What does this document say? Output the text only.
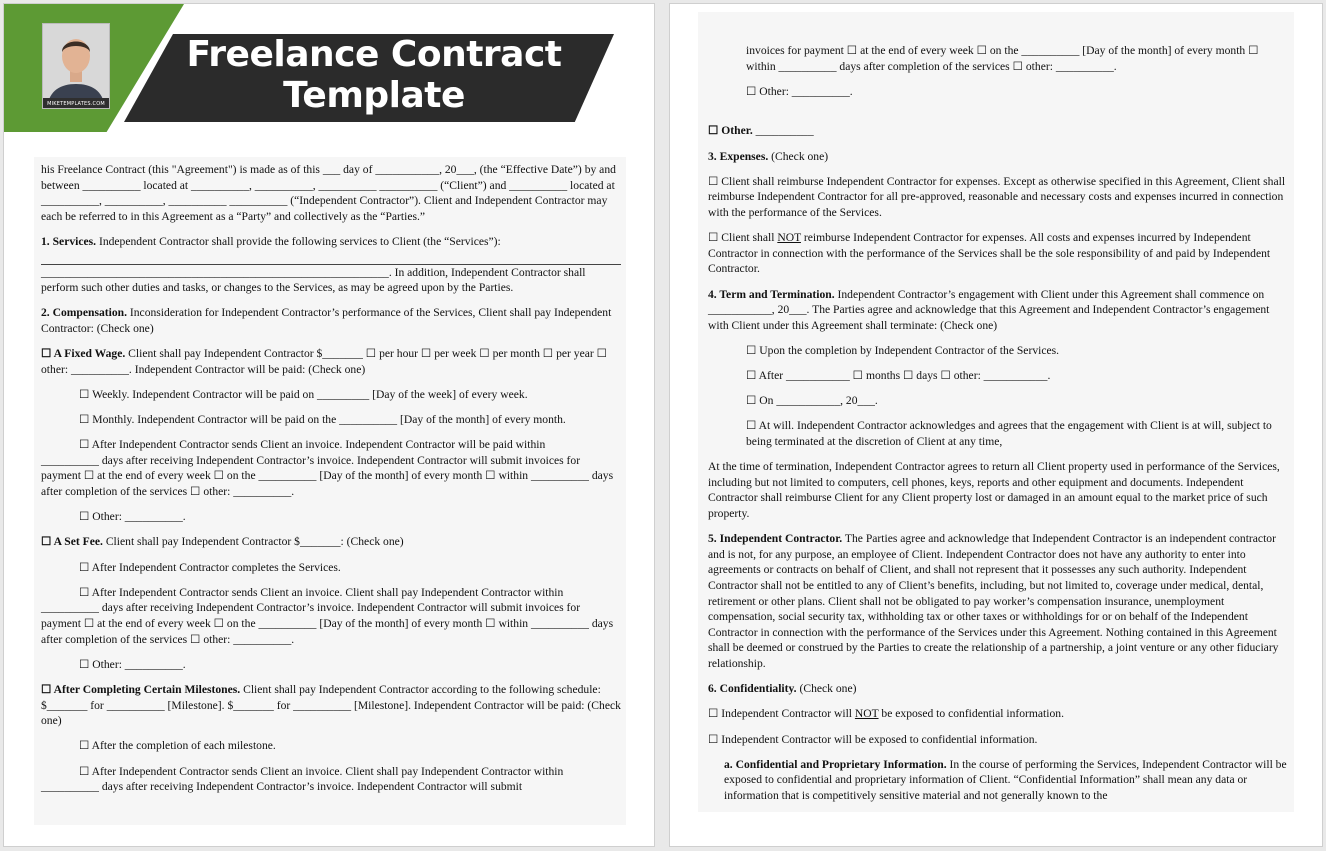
Freelance Contract
Template
MIKETEMPLATES.COM

his Freelance Contract (this "Agreement") is made as of this ___ day of ___________, 20___, (the “Effective Date”) by and between __________ located at __________, __________, __________ __________ (“Client”) and __________ located at __________, __________, __________ __________ (“Independent Contractor”). Client and Independent Contractor may each be referred to in this Agreement as a “Party” and collectively as the “Parties.”

1. Services. Independent Contractor shall provide the following services to Client (the “Services”):

____________________________________________________________. In addition, Independent Contractor shall perform such other duties and tasks, or changes to the Services, as may be agreed upon by the Parties.

2. Compensation. Inconsideration for Independent Contractor’s performance of the Services, Client shall pay Independent Contractor: (Check one)

☐ A Fixed Wage. Client shall pay Independent Contractor $_______ ☐ per hour ☐ per week ☐ per month ☐ per year ☐ other: __________. Independent Contractor will be paid: (Check one)

☐ Weekly. Independent Contractor will be paid on _________ [Day of the week] of every week.

☐ Monthly. Independent Contractor will be paid on the __________ [Day of the month] of every month.

☐ After Independent Contractor sends Client an invoice. Independent Contractor will be paid within

__________ days after receiving Independent Contractor’s invoice. Independent Contractor will submit invoices for payment ☐ at the end of every week ☐ on the __________ [Day of the month] of every month ☐ within __________ days after completion of the services ☐ other: __________.

☐ Other: __________.

☐ A Set Fee. Client shall pay Independent Contractor $_______: (Check one)

☐ After Independent Contractor completes the Services.

☐ After Independent Contractor sends Client an invoice. Client shall pay Independent Contractor within

__________ days after receiving Independent Contractor’s invoice. Independent Contractor will submit invoices for payment ☐ at the end of every week ☐ on the __________ [Day of the month] of every month ☐ within __________ days after completion of the services ☐ other: __________.

☐ Other: __________.

☐ After Completing Certain Milestones. Client shall pay Independent Contractor according to the following schedule: $_______ for __________ [Milestone]. $_______ for __________ [Milestone]. Independent Contractor will be paid: (Check one)

☐ After the completion of each milestone.

☐ After Independent Contractor sends Client an invoice. Client shall pay Independent Contractor within

__________ days after receiving Independent Contractor’s invoice. Independent Contractor will submit

invoices for payment ☐ at the end of every week ☐ on the __________ [Day of the month] of every month ☐ within __________ days after completion of the services ☐ other: __________.

☐ Other: __________.

☐ Other. __________

3. Expenses. (Check one)

☐ Client shall reimburse Independent Contractor for expenses. Except as otherwise specified in this Agreement, Client shall reimburse Independent Contractor for all pre-approved, reasonable and necessary costs and expenses incurred in connection with the performance of the Services.

☐ Client shall NOT reimburse Independent Contractor for expenses. All costs and expenses incurred by Independent Contractor in connection with the performance of the Services shall be the sole responsibility of and paid by Independent Contractor.

4. Term and Termination. Independent Contractor’s engagement with Client under this Agreement shall commence on ___________, 20___. The Parties agree and acknowledge that this Agreement and Independent Contractor’s engagement with Client under this Agreement shall terminate: (Check one)

☐ Upon the completion by Independent Contractor of the Services.

☐ After ___________ ☐ months ☐ days ☐ other: ___________.

☐ On ___________, 20___.

☐ At will. Independent Contractor acknowledges and agrees that the engagement with Client is at will, subject to being terminated at the discretion of Client at any time,

At the time of termination, Independent Contractor agrees to return all Client property used in performance of the Services, including but not limited to computers, cell phones, keys, reports and other equipment and documents. Independent Contractor shall reimburse Client for any Client property lost or damaged in an amount equal to the market price of such property.

5. Independent Contractor. The Parties agree and acknowledge that Independent Contractor is an independent contractor and is not, for any purpose, an employee of Client. Independent Contractor does not have any authority to enter into agreements or contracts on behalf of Client, and shall not represent that it possesses any such authority. Independent Contractor shall not be entitled to any of Client’s benefits, including, but not limited to, coverage under medical, dental, retirement or other plans. Client shall not be obligated to pay worker’s compensation insurance, unemployment compensation, social security tax, withholding tax or other taxes or withholdings for or on behalf of the Independent Contractor in connection with the performance of the Services under this Agreement. Nothing contained in this Agreement shall be deemed or construed by the Parties to create the relationship of a partnership, a joint venture or any other fiduciary relationship.

6. Confidentiality. (Check one)

☐ Independent Contractor will NOT be exposed to confidential information.

☐ Independent Contractor will be exposed to confidential information.

a. Confidential and Proprietary Information. In the course of performing the Services, Independent Contractor will be exposed to confidential and proprietary information of Client. “Confidential Information” shall mean any data or information that is competitively sensitive material and not generally known to the
